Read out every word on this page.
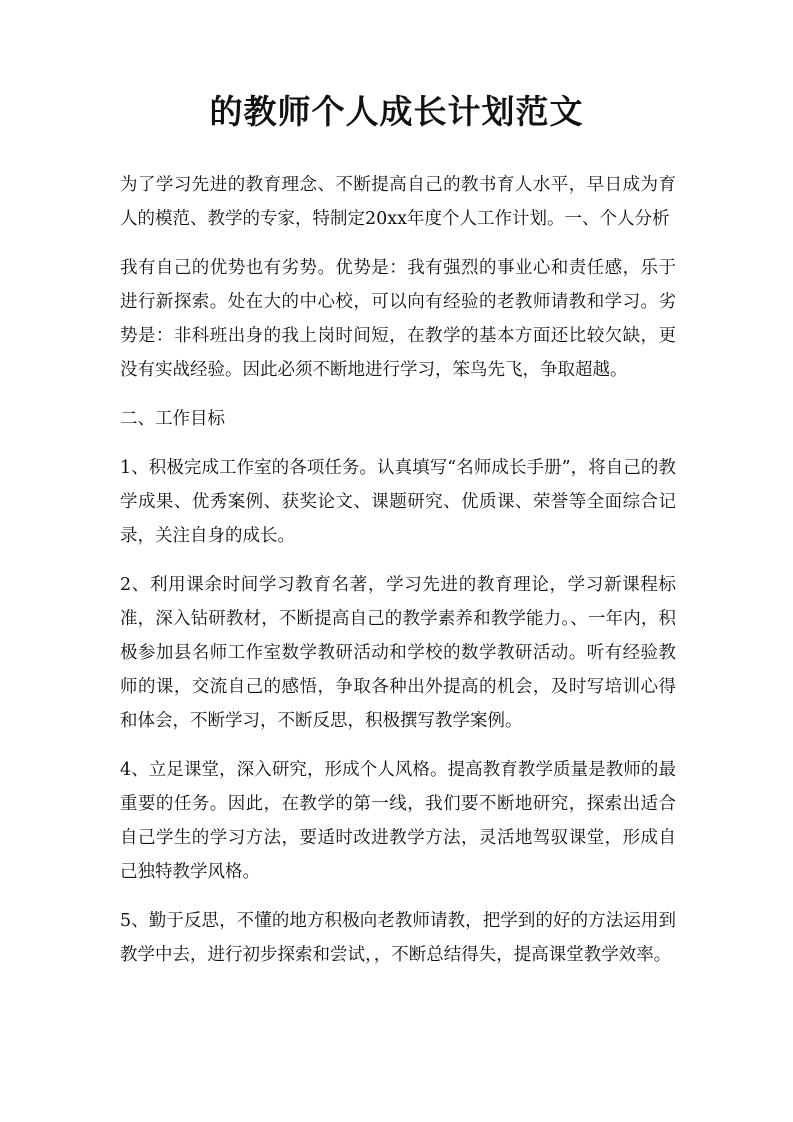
的教师个人成长计划范文

为了学习先进的教育理念、不断提高自己的教书育人水平，早日成为育人的模范、教学的专家，特制定20xx年度个人工作计划。一、个人分析

我有自己的优势也有劣势。优势是：我有强烈的事业心和责任感，乐于进行新探索。处在大的中心校，可以向有经验的老教师请教和学习。劣势是：非科班出身的我上岗时间短，在教学的基本方面还比较欠缺，更没有实战经验。因此必须不断地进行学习，笨鸟先飞，争取超越。

二、工作目标

1、积极完成工作室的各项任务。认真填写“名师成长手册”，将自己的教学成果、优秀案例、获奖论文、课题研究、优质课、荣誉等全面综合记录，关注自身的成长。

2、利用课余时间学习教育名著，学习先进的教育理论，学习新课程标准，深入钻研教材，不断提高自己的教学素养和教学能力。、一年内，积极参加县名师工作室数学教研活动和学校的数学教研活动。听有经验教师的课，交流自己的感悟，争取各种出外提高的机会，及时写培训心得和体会，不断学习，不断反思，积极撰写教学案例。

4、立足课堂，深入研究，形成个人风格。提高教育教学质量是教师的最重要的任务。因此，在教学的第一线，我们要不断地研究，探索出适合自己学生的学习方法，要适时改进教学方法，灵活地驾驭课堂，形成自己独特教学风格。

5、勤于反思，不懂的地方积极向老教师请教，把学到的好的方法运用到教学中去，进行初步探索和尝试，，不断总结得失，提高课堂教学效率。
